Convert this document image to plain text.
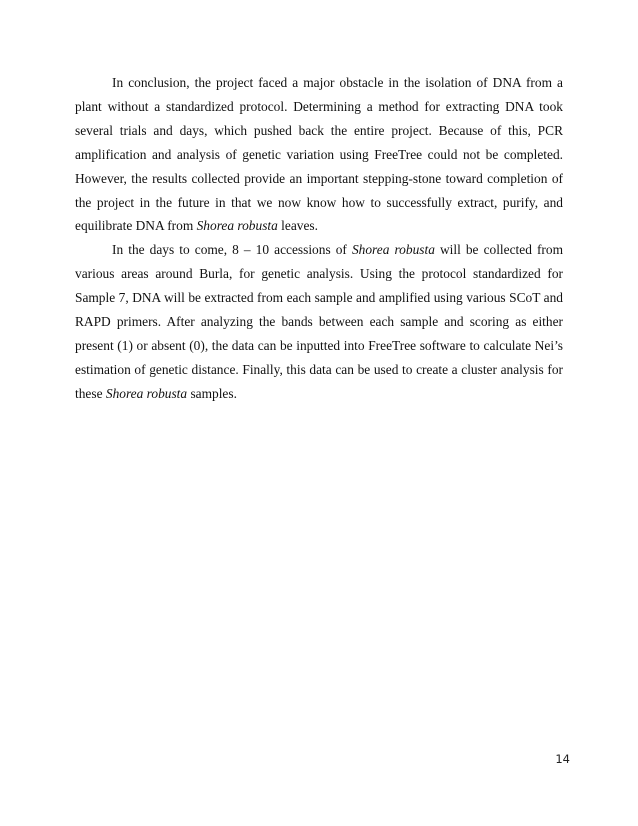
In conclusion, the project faced a major obstacle in the isolation of DNA from a plant without a standardized protocol. Determining a method for extracting DNA took several trials and days, which pushed back the entire project. Because of this, PCR amplification and analysis of genetic variation using FreeTree could not be completed. However, the results collected provide an important stepping-stone toward completion of the project in the future in that we now know how to successfully extract, purify, and equilibrate DNA from Shorea robusta leaves.

In the days to come, 8 – 10 accessions of Shorea robusta will be collected from various areas around Burla, for genetic analysis. Using the protocol standardized for Sample 7, DNA will be extracted from each sample and amplified using various SCoT and RAPD primers. After analyzing the bands between each sample and scoring as either present (1) or absent (0), the data can be inputted into FreeTree software to calculate Nei’s estimation of genetic distance. Finally, this data can be used to create a cluster analysis for these Shorea robusta samples.

14
